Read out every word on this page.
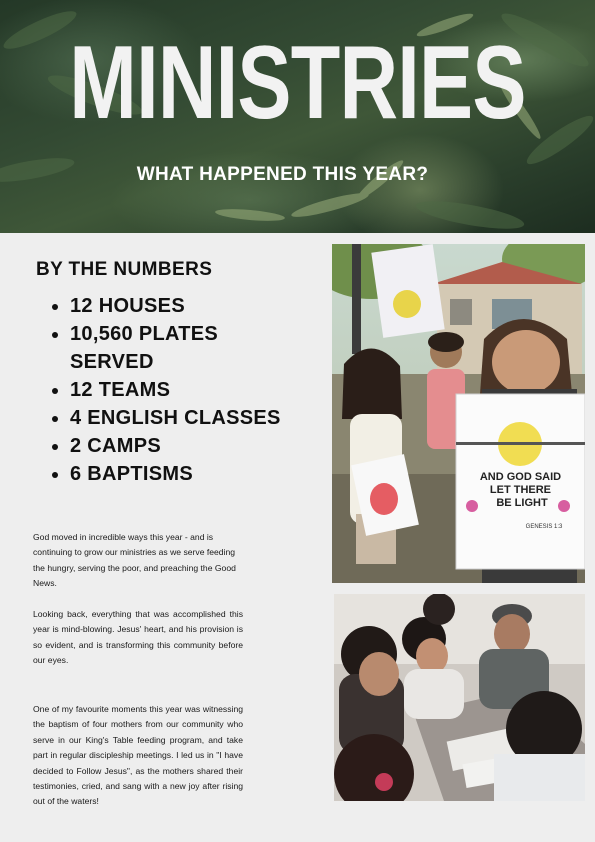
MINISTRIES
WHAT HAPPENED THIS YEAR?
BY THE NUMBERS
12 HOUSES
10,560 PLATES SERVED
12 TEAMS
4 ENGLISH CLASSES
2 CAMPS
6 BAPTISMS

God moved in incredible ways this year - and is continuing to grow our ministries as we serve feeding the hungry, serving the poor, and preaching the Good News.

Looking back, everything that was accomplished this year is mind-blowing. Jesus' heart, and his provision is so evident, and is transforming this community before our eyes.

One of my favourite moments this year was witnessing the baptism of four mothers from our community who serve in our King's Table feeding program, and take part in regular discipleship meetings. I led us in "I have decided to Follow Jesus", as the mothers shared their testimonies, cried, and sang with a new joy after rising out of the waters!

AND GOD SAID LET THERE BE LIGHT
GENESIS 1:3
